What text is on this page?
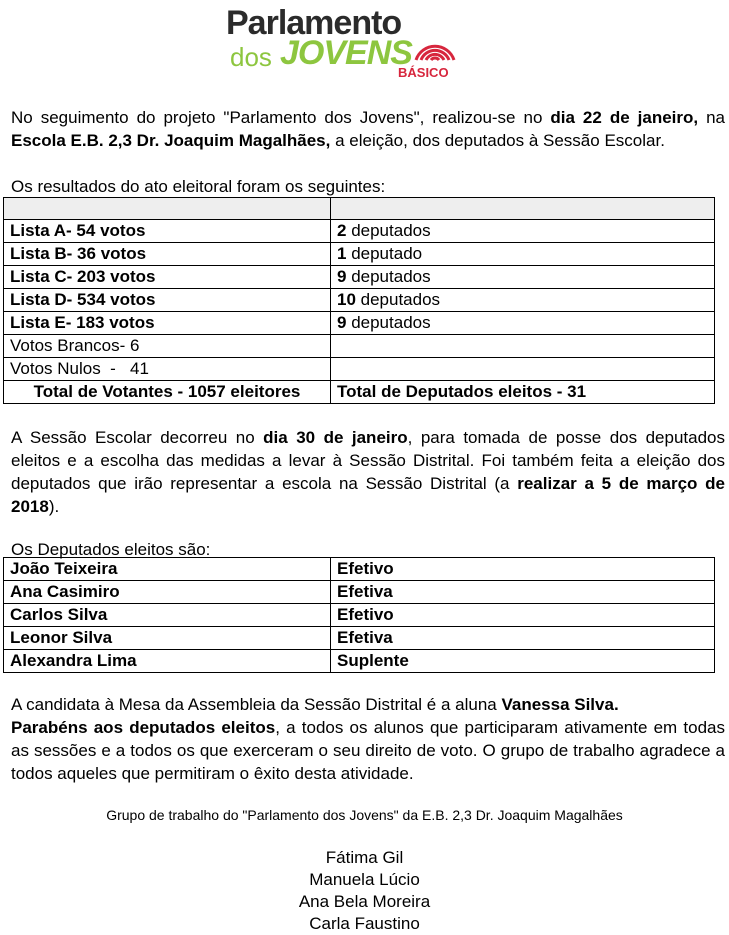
Parlamento
dos JOVENS
BÁSICO

No seguimento do projeto "Parlamento dos Jovens", realizou-se no dia 22 de janeiro, na Escola E.B. 2,3 Dr. Joaquim Magalhães, a eleição, dos deputados à Sessão Escolar.

Os resultados do ato eleitoral foram os seguintes:

Lista A- 54 votos	2 deputados
Lista B- 36 votos	1 deputado
Lista C- 203 votos	9 deputados
Lista D- 534 votos	10 deputados
Lista E- 183 votos	9 deputados
Votos Brancos- 6	
Votos Nulos  -   41	
Total de Votantes - 1057 eleitores	Total de Deputados eleitos - 31

A Sessão Escolar decorreu no dia 30 de janeiro, para tomada de posse dos deputados eleitos e a escolha das medidas a levar à Sessão Distrital. Foi também feita a eleição dos deputados que irão representar a escola na Sessão Distrital (a realizar a 5 de março de 2018).

Os Deputados eleitos são:

João Teixeira	Efetivo
Ana Casimiro	Efetiva
Carlos Silva	Efetivo
Leonor Silva	Efetiva
Alexandra Lima	Suplente

A candidata à Mesa da Assembleia da Sessão Distrital é a aluna Vanessa Silva.
Parabéns aos deputados eleitos, a todos os alunos que participaram ativamente em todas as sessões e a todos os que exerceram o seu direito de voto. O grupo de trabalho agradece a todos aqueles que permitiram o êxito desta atividade.

Grupo de trabalho do "Parlamento dos Jovens" da E.B. 2,3 Dr. Joaquim Magalhães
Fátima Gil
Manuela Lúcio
Ana Bela Moreira
Carla Faustino
